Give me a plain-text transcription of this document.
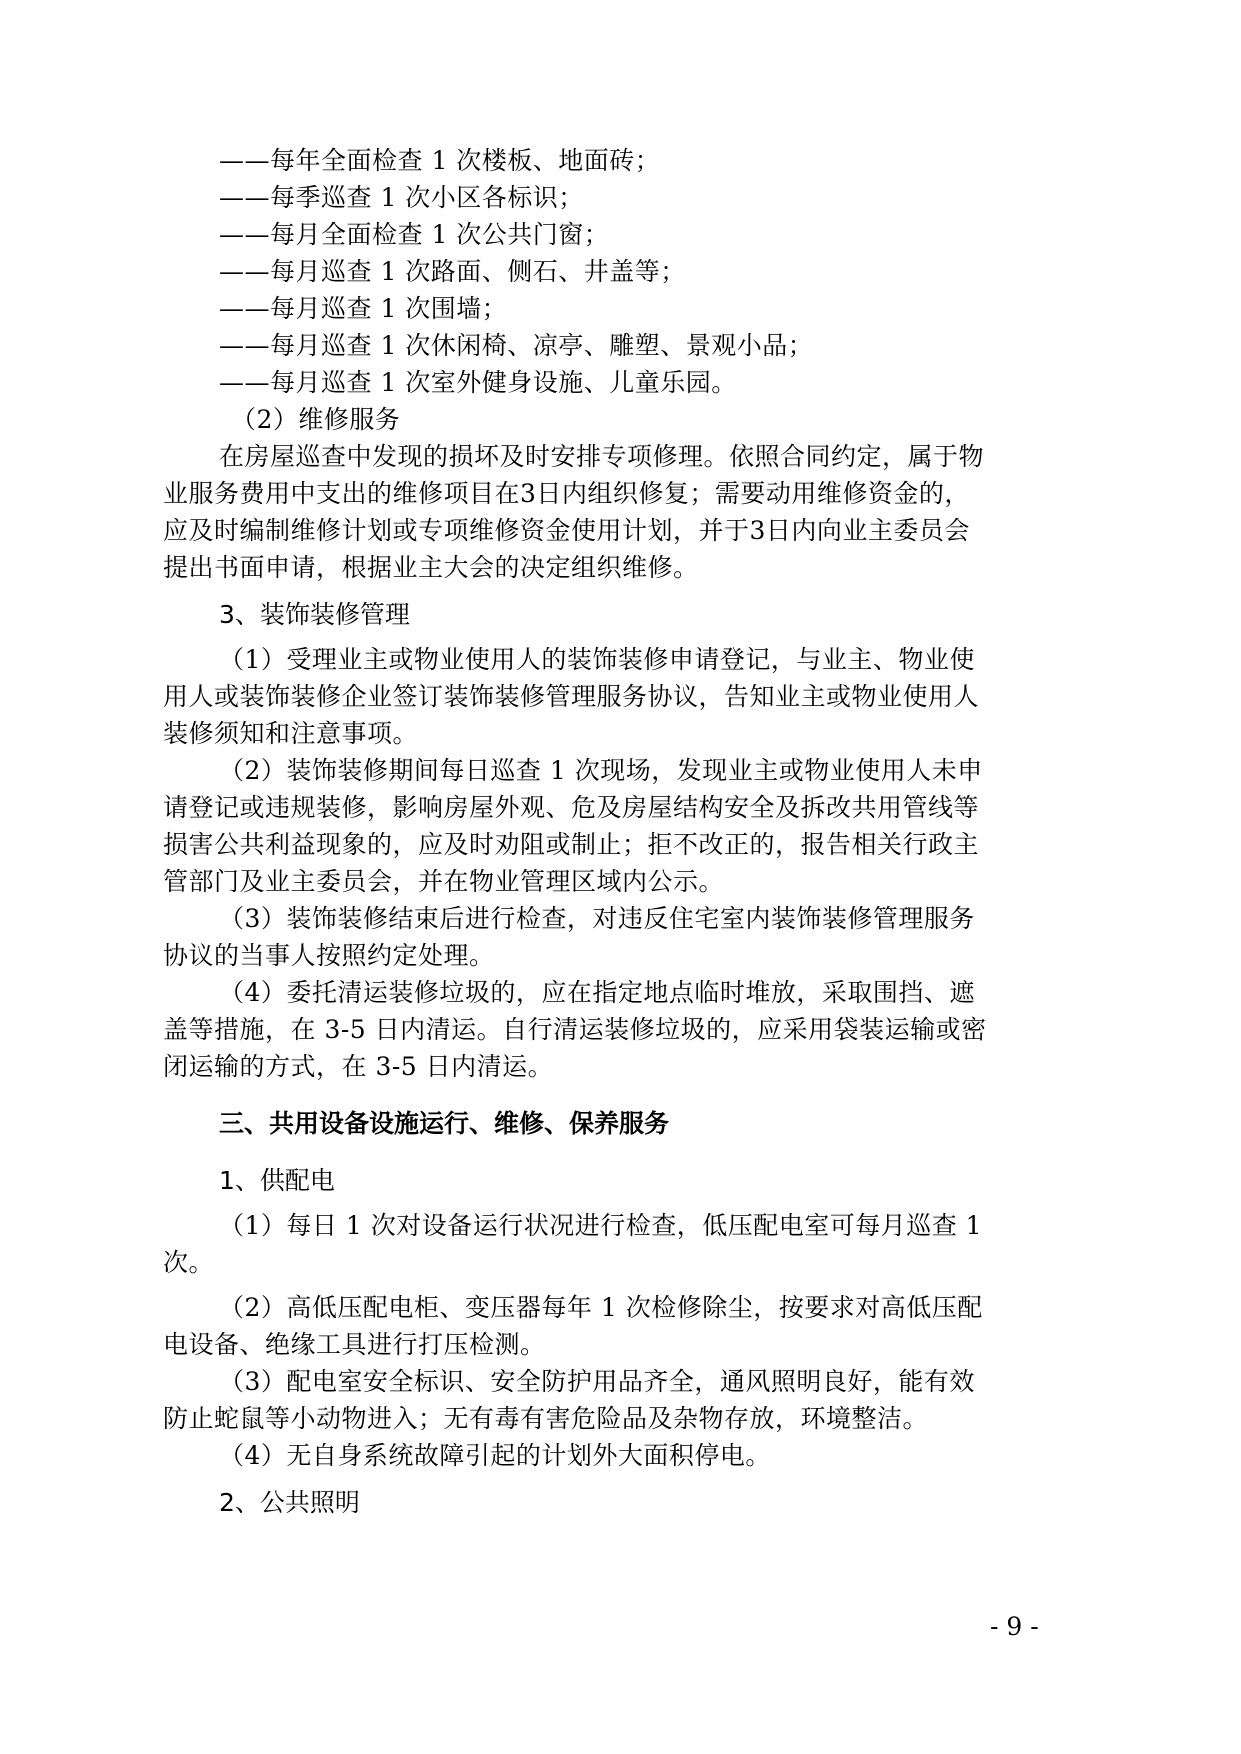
——每年全面检查 1 次楼板、地面砖；
——每季巡查 1 次小区各标识；
——每月全面检查 1 次公共门窗；
——每月巡查 1 次路面、侧石、井盖等；
——每月巡查 1 次围墙；
——每月巡查 1 次休闲椅、凉亭、雕塑、景观小品；
——每月巡查 1 次室外健身设施、儿童乐园。
（2）维修服务
在房屋巡查中发现的损坏及时安排专项修理。依照合同约定，属于物
业服务费用中支出的维修项目在3日内组织修复；需要动用维修资金的，
应及时编制维修计划或专项维修资金使用计划，并于3日内向业主委员会
提出书面申请，根据业主大会的决定组织维修。
3、装饰装修管理
（1）受理业主或物业使用人的装饰装修申请登记，与业主、物业使
用人或装饰装修企业签订装饰装修管理服务协议，告知业主或物业使用人
装修须知和注意事项。
（2）装饰装修期间每日巡查 1 次现场，发现业主或物业使用人未申
请登记或违规装修，影响房屋外观、危及房屋结构安全及拆改共用管线等
损害公共利益现象的，应及时劝阻或制止；拒不改正的，报告相关行政主
管部门及业主委员会，并在物业管理区域内公示。
（3）装饰装修结束后进行检查，对违反住宅室内装饰装修管理服务
协议的当事人按照约定处理。
（4）委托清运装修垃圾的，应在指定地点临时堆放，采取围挡、遮
盖等措施，在 3-5 日内清运。自行清运装修垃圾的，应采用袋装运输或密
闭运输的方式，在 3-5 日内清运。
三、共用设备设施运行、维修、保养服务
1、供配电
（1）每日 1 次对设备运行状况进行检查，低压配电室可每月巡查 1
次。
（2）高低压配电柜、变压器每年 1 次检修除尘，按要求对高低压配
电设备、绝缘工具进行打压检测。
（3）配电室安全标识、安全防护用品齐全，通风照明良好，能有效
防止蛇鼠等小动物进入；无有毒有害危险品及杂物存放，环境整洁。
（4）无自身系统故障引起的计划外大面积停电。
2、公共照明
- 9 -
